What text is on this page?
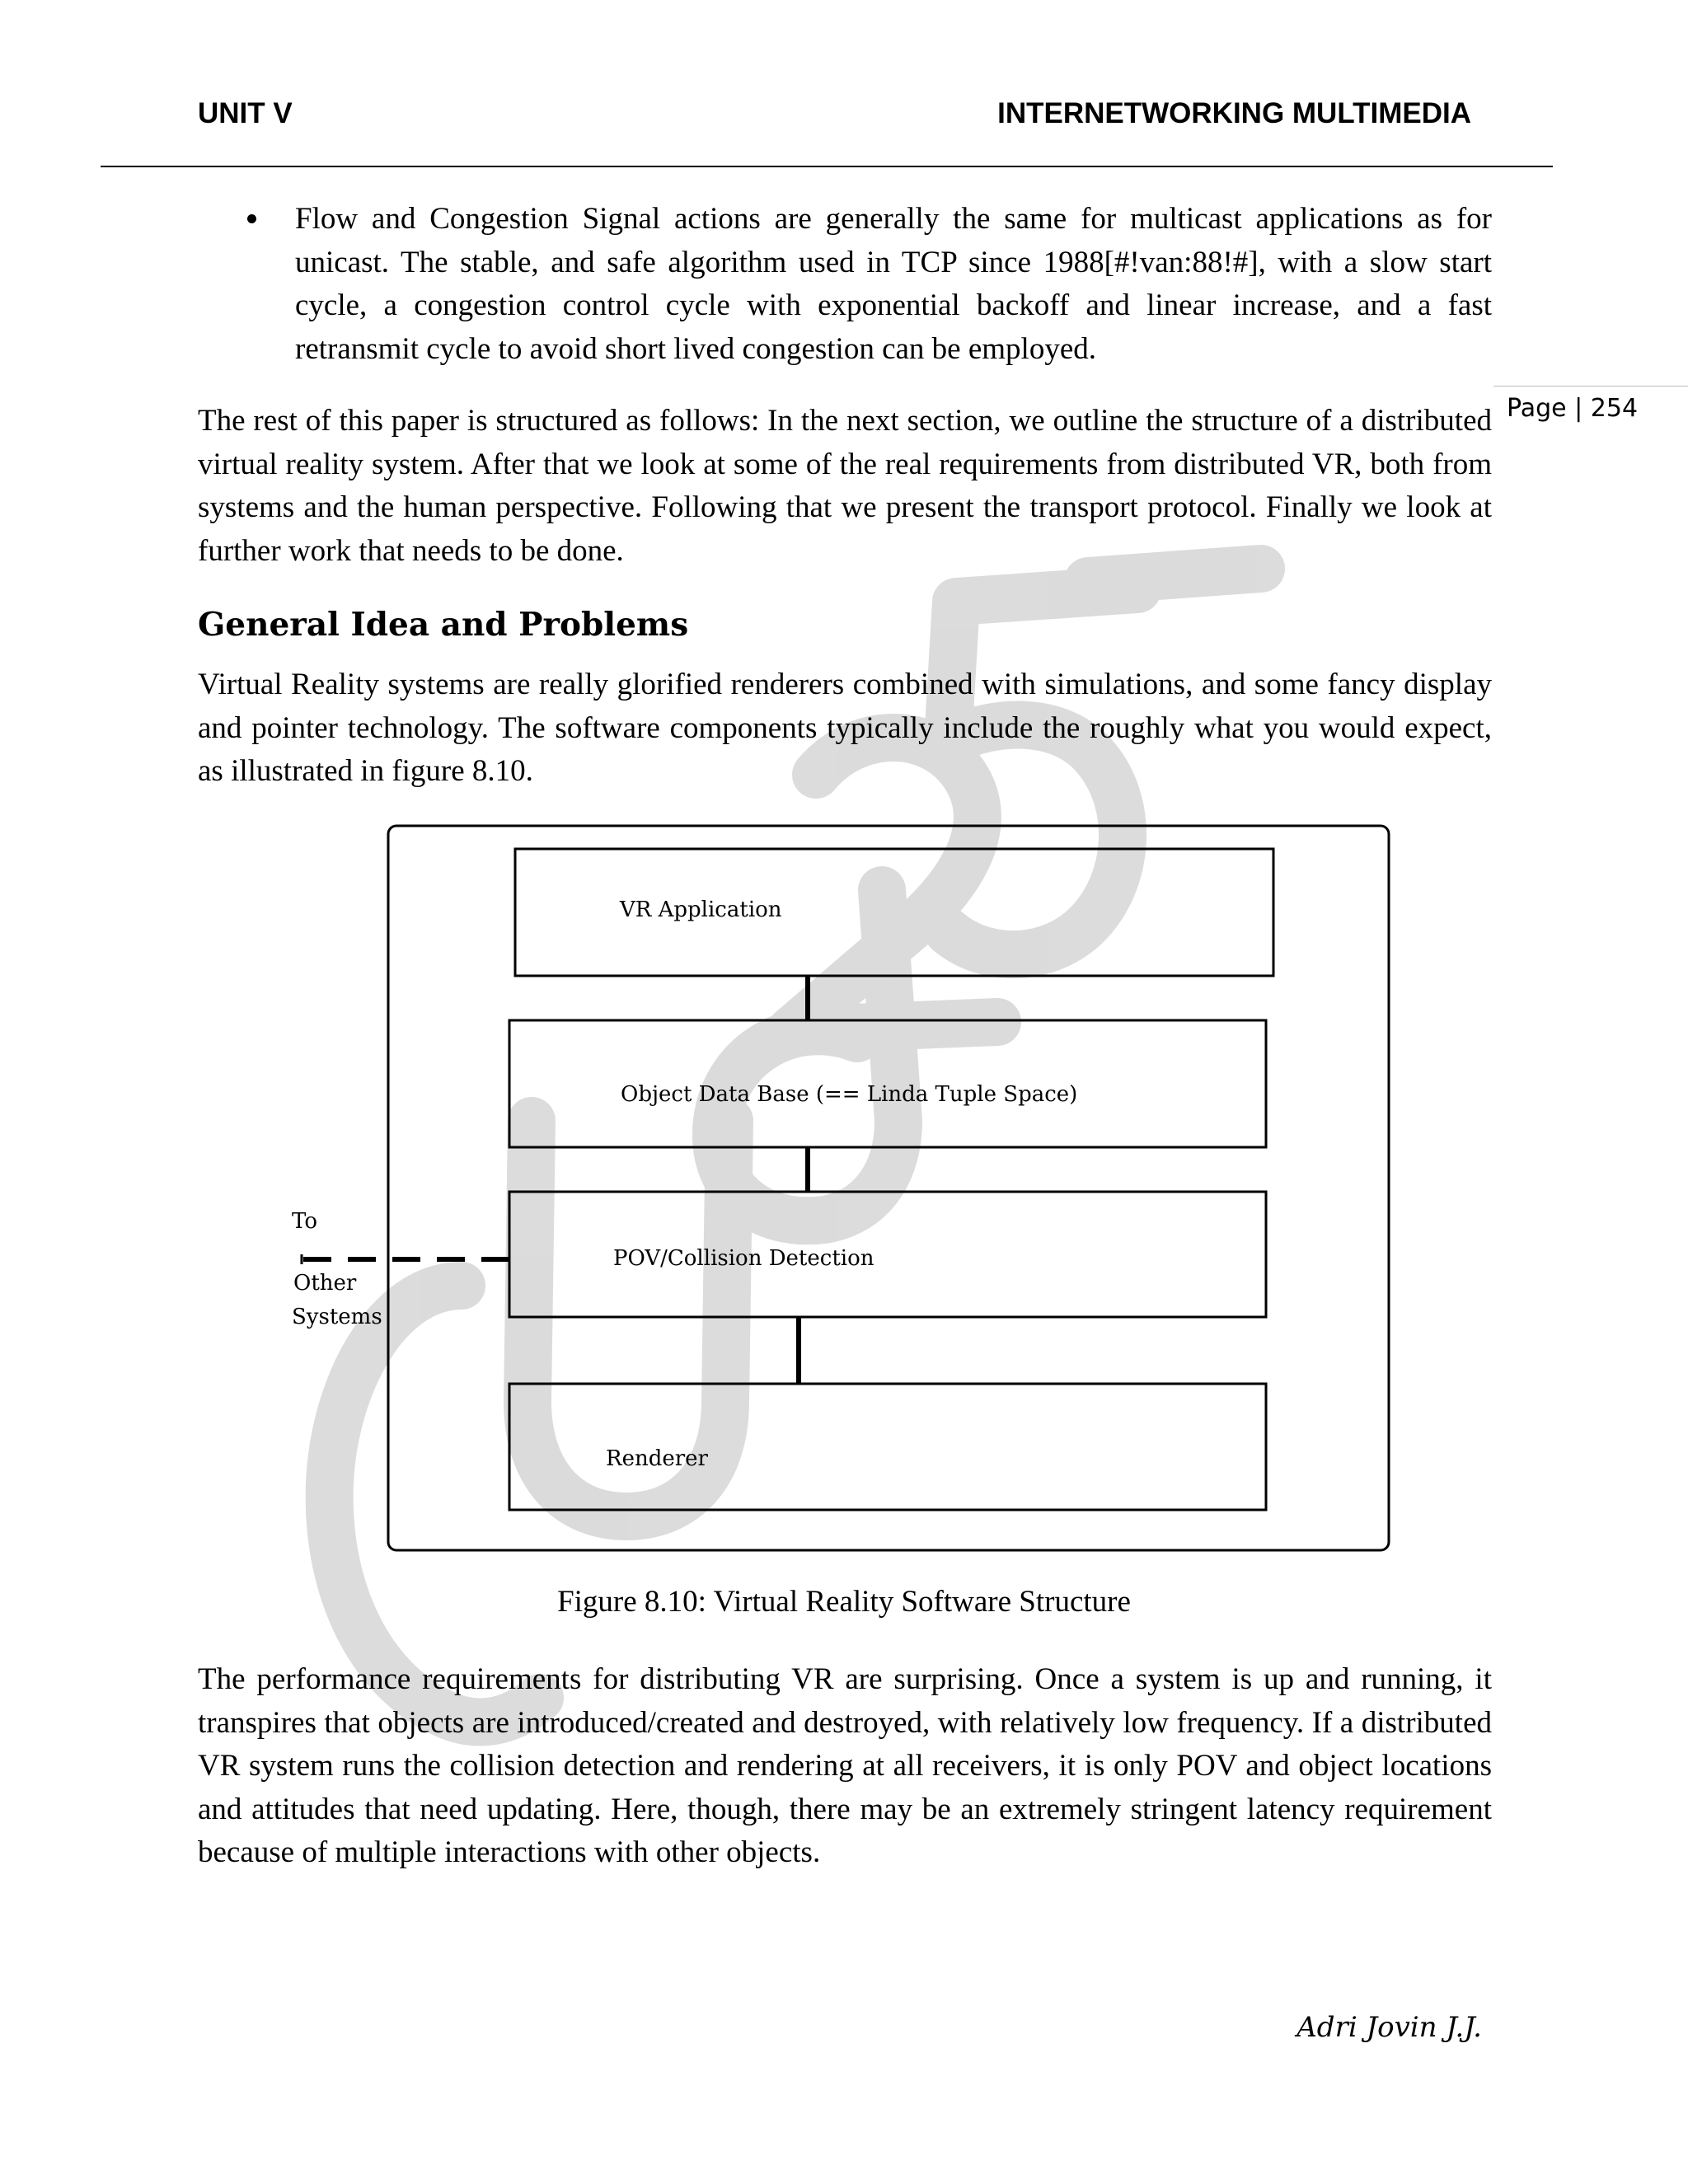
UNIT V	INTERNETWORKING MULTIMEDIA
Page | 254
Flow and Congestion Signal actions are generally the same for multicast applications as for unicast. The stable, and safe algorithm used in TCP since 1988[#!van:88!#], with a slow start cycle, a congestion control cycle with exponential backoff and linear increase, and a fast retransmit cycle to avoid short lived congestion can be employed.
The rest of this paper is structured as follows: In the next section, we outline the structure of a distributed virtual reality system. After that we look at some of the real requirements from distributed VR, both from systems and the human perspective. Following that we present the transport protocol. Finally we look at further work that needs to be done.
General Idea and Problems
Virtual Reality systems are really glorified renderers combined with simulations, and some fancy display and pointer technology. The software components typically include the roughly what you would expect, as illustrated in figure 8.10.
VR Application
Object Data Base (== Linda Tuple Space)
POV/Collision Detection
Renderer
To
Other
Systems
Figure 8.10: Virtual Reality Software Structure
The performance requirements for distributing VR are surprising. Once a system is up and running, it transpires that objects are introduced/created and destroyed, with relatively low frequency. If a distributed VR system runs the collision detection and rendering at all receivers, it is only POV and object locations and attitudes that need updating. Here, though, there may be an extremely stringent latency requirement because of multiple interactions with other objects.
Adri Jovin J.J.
